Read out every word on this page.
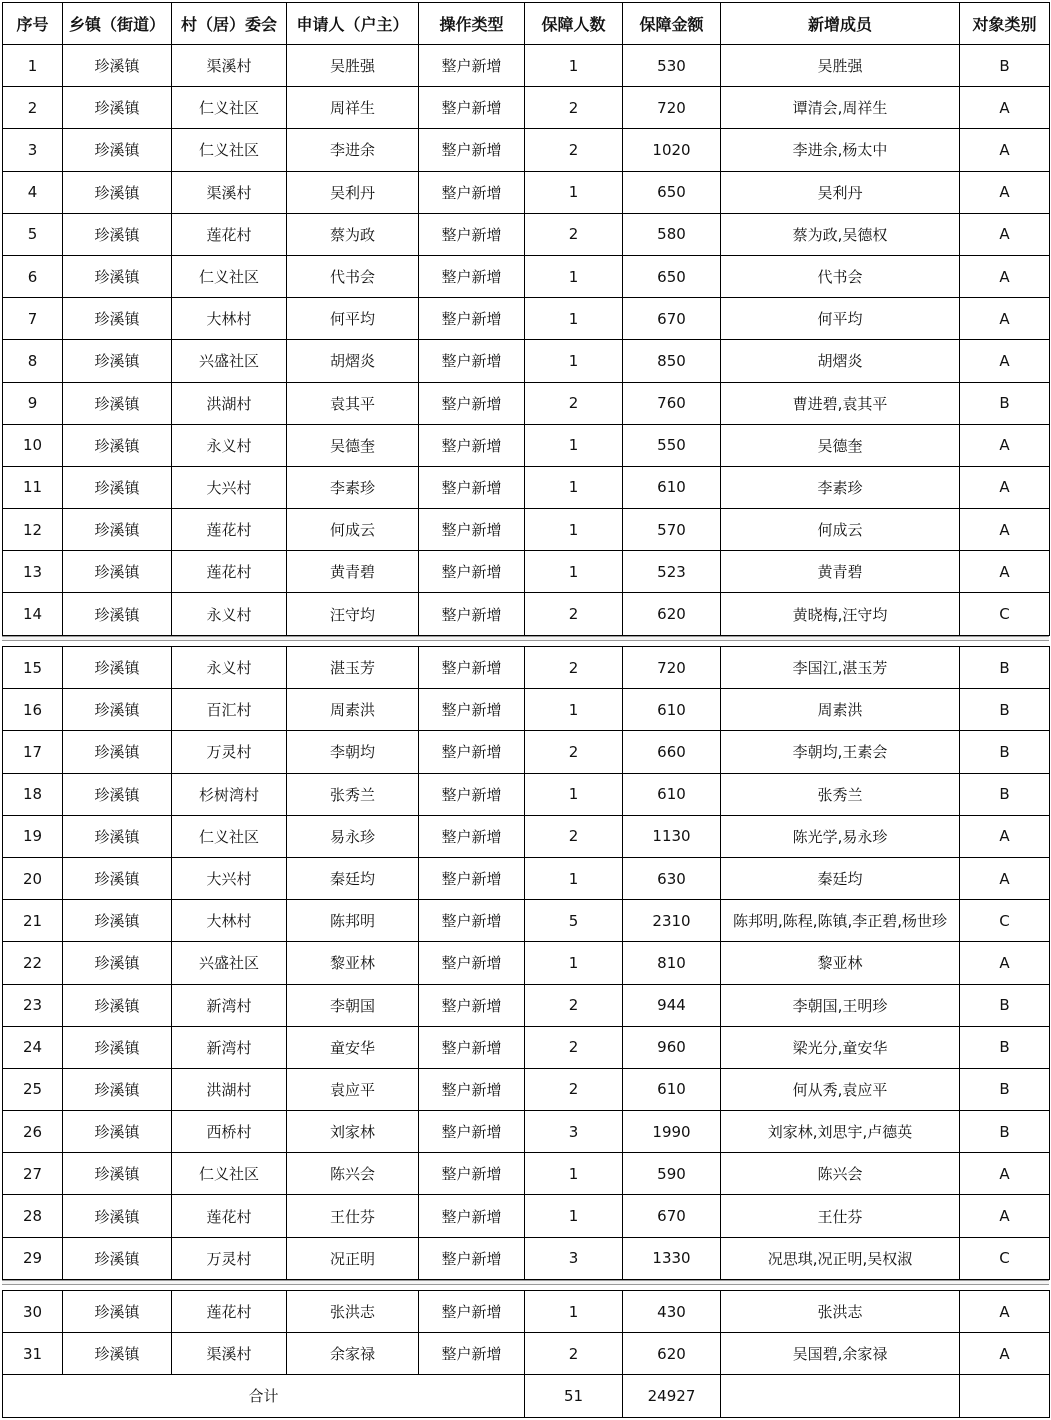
序号	乡镇（街道）	村（居）委会	申请人（户主）	操作类型	保障人数	保障金额	新增成员	对象类别
1	珍溪镇	渠溪村	吴胜强	整户新增	1	530	吴胜强	B
2	珍溪镇	仁义社区	周祥生	整户新增	2	720	谭清会,周祥生	A
3	珍溪镇	仁义社区	李进余	整户新增	2	1020	李进余,杨太中	A
4	珍溪镇	渠溪村	吴利丹	整户新增	1	650	吴利丹	A
5	珍溪镇	莲花村	蔡为政	整户新增	2	580	蔡为政,吴德权	A
6	珍溪镇	仁义社区	代书会	整户新增	1	650	代书会	A
7	珍溪镇	大林村	何平均	整户新增	1	670	何平均	A
8	珍溪镇	兴盛社区	胡熠炎	整户新增	1	850	胡熠炎	A
9	珍溪镇	洪湖村	袁其平	整户新增	2	760	曹进碧,袁其平	B
10	珍溪镇	永义村	吴德奎	整户新增	1	550	吴德奎	A
11	珍溪镇	大兴村	李素珍	整户新增	1	610	李素珍	A
12	珍溪镇	莲花村	何成云	整户新增	1	570	何成云	A
13	珍溪镇	莲花村	黄青碧	整户新增	1	523	黄青碧	A
14	珍溪镇	永义村	汪守均	整户新增	2	620	黄晓梅,汪守均	C
15	珍溪镇	永义村	湛玉芳	整户新增	2	720	李国江,湛玉芳	B
16	珍溪镇	百汇村	周素洪	整户新增	1	610	周素洪	B
17	珍溪镇	万灵村	李朝均	整户新增	2	660	李朝均,王素会	B
18	珍溪镇	杉树湾村	张秀兰	整户新增	1	610	张秀兰	B
19	珍溪镇	仁义社区	易永珍	整户新增	2	1130	陈光学,易永珍	A
20	珍溪镇	大兴村	秦廷均	整户新增	1	630	秦廷均	A
21	珍溪镇	大林村	陈邦明	整户新增	5	2310	陈邦明,陈程,陈镇,李正碧,杨世珍	C
22	珍溪镇	兴盛社区	黎亚林	整户新增	1	810	黎亚林	A
23	珍溪镇	新湾村	李朝国	整户新增	2	944	李朝国,王明珍	B
24	珍溪镇	新湾村	童安华	整户新增	2	960	梁光分,童安华	B
25	珍溪镇	洪湖村	袁应平	整户新增	2	610	何从秀,袁应平	B
26	珍溪镇	西桥村	刘家林	整户新增	3	1990	刘家林,刘思宇,卢德英	B
27	珍溪镇	仁义社区	陈兴会	整户新增	1	590	陈兴会	A
28	珍溪镇	莲花村	王仕芬	整户新增	1	670	王仕芬	A
29	珍溪镇	万灵村	况正明	整户新增	3	1330	况思琪,况正明,吴权淑	C
30	珍溪镇	莲花村	张洪志	整户新增	1	430	张洪志	A
31	珍溪镇	渠溪村	余家禄	整户新增	2	620	吴国碧,余家禄	A
合计					51	24927		
